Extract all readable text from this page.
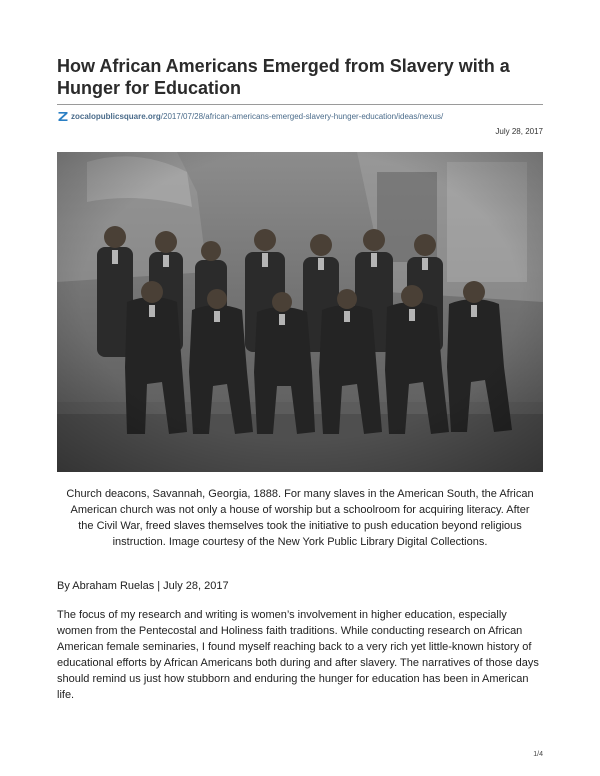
How African Americans Emerged from Slavery with a Hunger for Education
zocalopublicsquare.org /2017/07/28/african-americans-emerged-slavery-hunger-education/ideas/nexus/
July 28, 2017

Church deacons, Savannah, Georgia, 1888. For many slaves in the American South, the African American church was not only a house of worship but a schoolroom for acquiring literacy. After the Civil War, freed slaves themselves took the initiative to push education beyond religious instruction. Image courtesy of the New York Public Library Digital Collections.

By Abraham Ruelas | July 28, 2017

The focus of my research and writing is women’s involvement in higher education, especially women from the Pentecostal and Holiness faith traditions. While conducting research on African American female seminaries, I found myself reaching back to a very rich yet little-known history of educational efforts by African Americans both during and after slavery. The narratives of those days should remind us just how stubborn and enduring the hunger for education has been in American life.

1/4
